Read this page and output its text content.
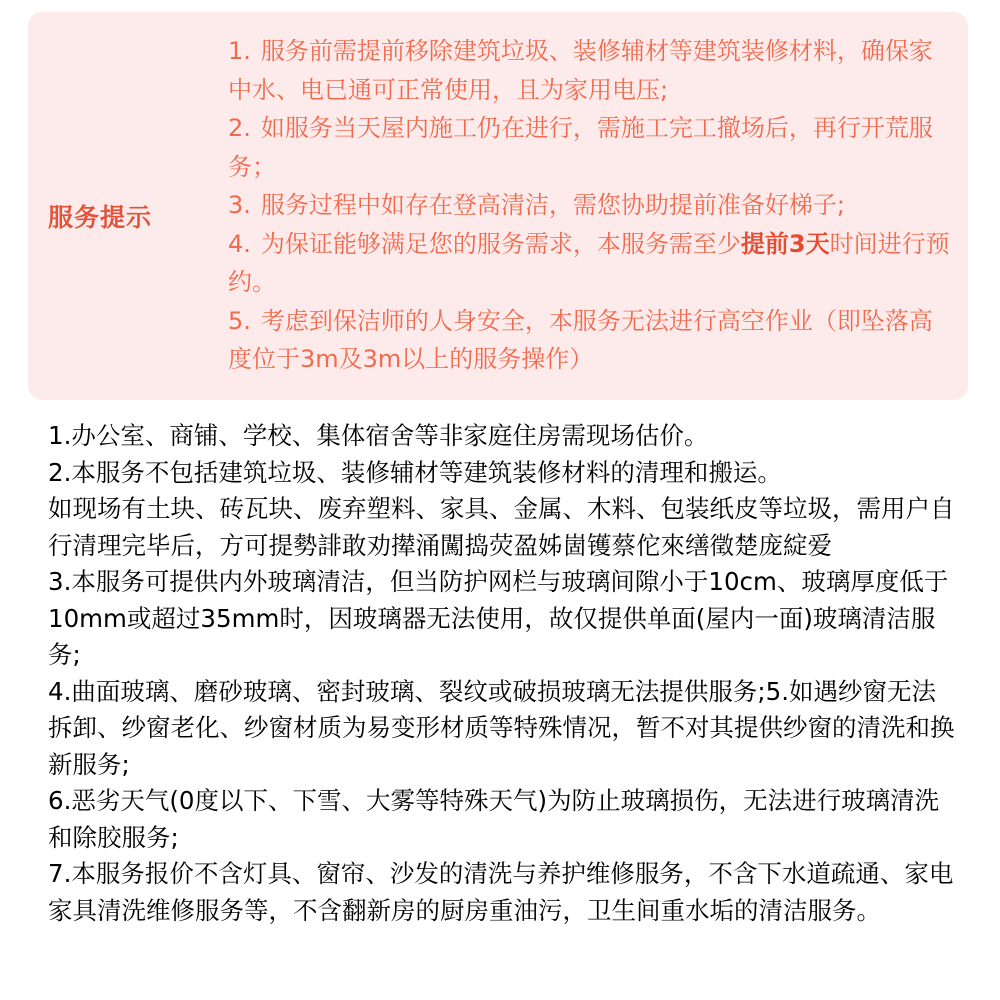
服务提示
1. 服务前需提前移除建筑垃圾、装修辅材等建筑装修材料，确保家中水、电已通可正常使用，且为家用电压;
2. 如服务当天屋内施工仍在进行，需施工完工撤场后，再行开荒服务；
3. 服务过程中如存在登高清洁，需您协助提前准备好梯子;
4. 为保证能够满足您的服务需求，本服务需至少提前3天时间进行预约。
5. 考虑到保洁师的人身安全，本服务无法进行高空作业（即坠落高度位于3m及3m以上的服务操作）
1.办公室、商铺、学校、集体宿舍等非家庭住房需现场估价。
2.本服务不包括建筑垃圾、装修辅材等建筑装修材料的清理和搬运。
如现场有土块、砖瓦块、废弃塑料、家具、金属、木料、包装纸皮等垃圾，需用户自行清理完毕后，方可提勢誹敢劝撵涌闖捣荧盈姊崮镬蔡佗來缮徵楚庞綻爱
3.本服务可提供内外玻璃清洁，但当防护网栏与玻璃间隙小于10cm、玻璃厚度低于10mm或超过35mm时，因玻璃器无法使用，故仅提供单面(屋内一面)玻璃清洁服务;
4.曲面玻璃、磨砂玻璃、密封玻璃、裂纹或破损玻璃无法提供服务;5.如遇纱窗无法拆卸、纱窗老化、纱窗材质为易变形材质等特殊情况，暂不对其提供纱窗的清洗和换新服务;
6.恶劣天气(0度以下、下雪、大雾等特殊天气)为防止玻璃损伤，无法进行玻璃清洗和除胶服务;
7.本服务报价不含灯具、窗帘、沙发的清洗与养护维修服务，不含下水道疏通、家电家具清洗维修服务等，不含翻新房的厨房重油污，卫生间重水垢的清洁服务。
